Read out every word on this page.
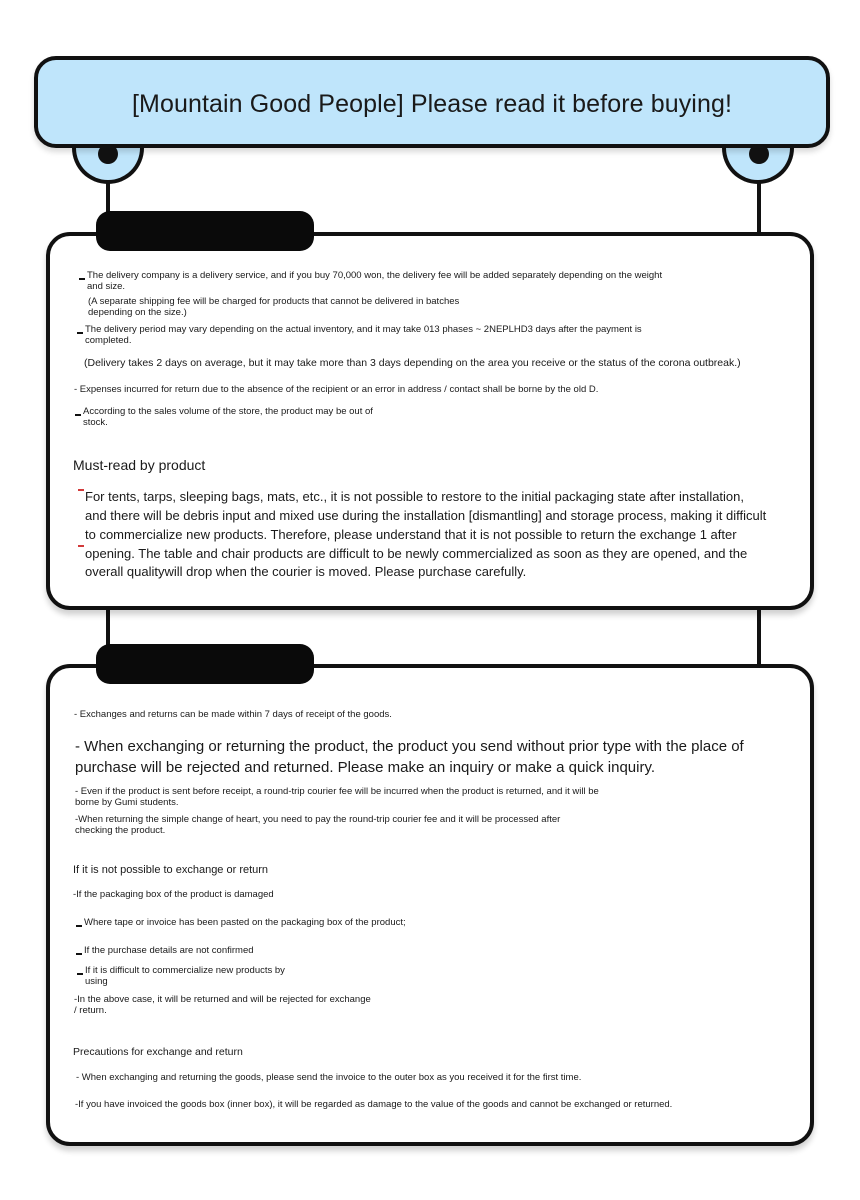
[Mountain Good People] Please read it before buying!

The delivery company is a delivery service, and if you buy 70,000 won, the delivery fee will be added separately depending on the weight and size.

(A separate shipping fee will be charged for products that cannot be delivered in batches depending on the size.)

The delivery period may vary depending on the actual inventory, and it may take 013 phases ~ 2NEPLHD3 days after the payment is completed.

(Delivery takes 2 days on average, but it may take more than 3 days depending on the area you receive or the status of the corona outbreak.)

- Expenses incurred for return due to the absence of the recipient or an error in address / contact shall be borne by the old D.

According to the sales volume of the store, the product may be out of stock.

Must-read by product

For tents, tarps, sleeping bags, mats, etc., it is not possible to restore to the initial packaging state after installation, and there will be debris input and mixed use during the installation [dismantling] and storage process, making it difficult to commercialize new products. Therefore, please understand that it is not possible to return the exchange 1 after opening. The table and chair products are difficult to be newly commercialized as soon as they are opened, and the overall qualitywill drop when the courier is moved. Please purchase carefully.

- Exchanges and returns can be made within 7 days of receipt of the goods.

- When exchanging or returning the product, the product you send without prior type with the place of purchase will be rejected and returned. Please make an inquiry or make a quick inquiry.

- Even if the product is sent before receipt, a round-trip courier fee will be incurred when the product is returned, and it will be borne by Gumi students.

-When returning the simple change of heart, you need to pay the round-trip courier fee and it will be processed after checking the product.

If it is not possible to exchange or return

-If the packaging box of the product is damaged

Where tape or invoice has been pasted on the packaging box of the product;

If the purchase details are not confirmed

If it is difficult to commercialize new products by using

-In the above case, it will be returned and will be rejected for exchange / return.

Precautions for exchange and return

- When exchanging and returning the goods, please send the invoice to the outer box as you received it for the first time.

-If you have invoiced the goods box (inner box), it will be regarded as damage to the value of the goods and cannot be exchanged or returned.
